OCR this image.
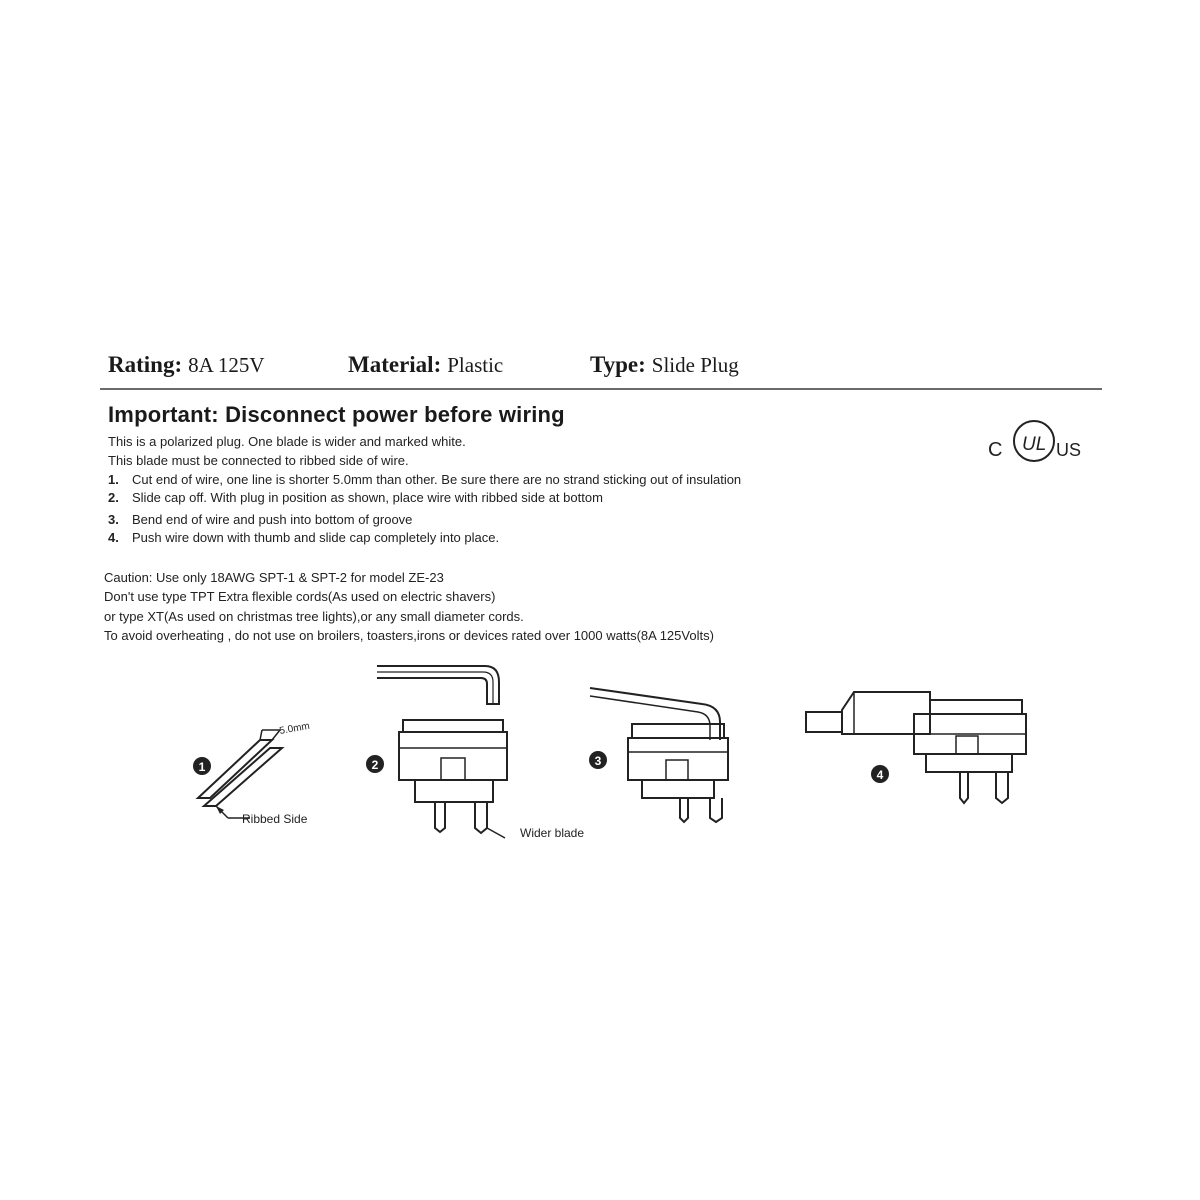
Rating: 8A 125V	Material: Plastic	Type: Slide Plug
Important: Disconnect power before wiring
This is a polarized plug. One blade is wider and marked white.
This blade must be connected to ribbed side of wire.
1. Cut end of wire, one line is shorter 5.0mm than other. Be sure there are no strand sticking out of insulation
2. Slide cap off. With plug in position as shown, place wire with ribbed side at bottom
3. Bend end of wire and push into bottom of groove
4. Push wire down with thumb and slide cap completely into place.
Caution: Use only 18AWG SPT-1 & SPT-2 for model ZE-23
Don't use type TPT Extra flexible cords(As used on electric shavers)
or type XT(As used on christmas tree lights),or any small diameter cords.
To avoid overheating , do not use on broilers, toasters,irons or devices rated over 1000 watts(8A 125Volts)
C UL US
1
5.0mm
Ribbed Side
2
Wider blade
3
4
